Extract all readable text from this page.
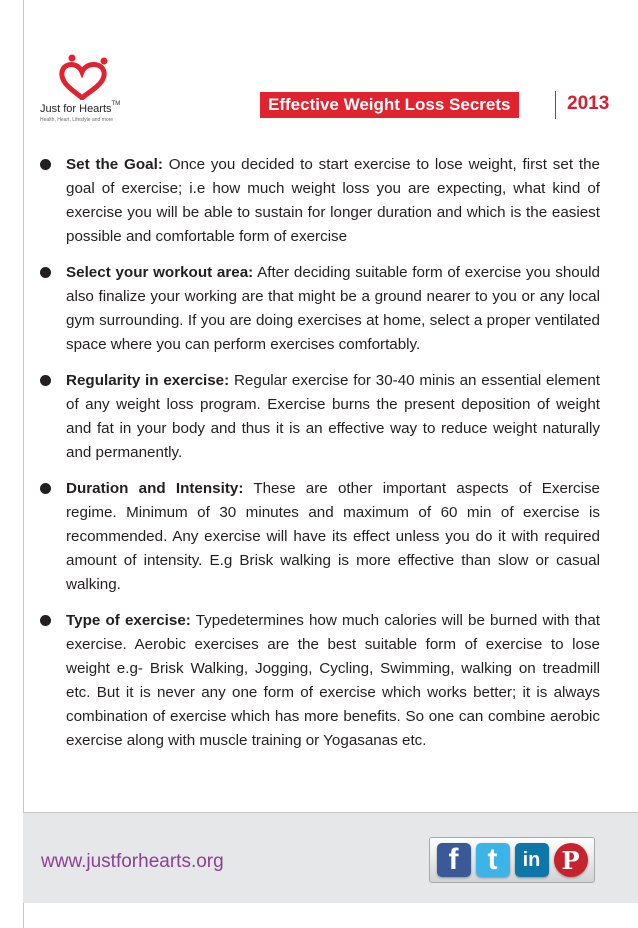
Just for Hearts™
Health, Heart, Lifestyle and more
Effective Weight Loss Secrets	2013
Set the Goal: Once you decided to start exercise to lose weight, first set the goal of exercise; i.e how much weight loss you are expecting, what kind of exercise you will be able to sustain for longer duration and which is the easiest possible and comfortable form of exercise
Select your workout area: After deciding suitable form of exercise you should also finalize your working are that might be a ground nearer to you or any local gym surrounding. If you are doing exercises at home, select a proper ventilated space where you can perform exercises comfortably.
Regularity in exercise: Regular exercise for 30-40 minis an essential element of any weight loss program. Exercise burns the present deposition of weight and fat in your body and thus it is an effective way to reduce weight naturally and permanently.
Duration and Intensity: These are other important aspects of Exercise regime. Minimum of 30 minutes and maximum of 60 min of exercise is recommended. Any exercise will have its effect unless you do it with required amount of intensity. E.g Brisk walking is more effective than slow or casual walking.
Type of exercise: Typedetermines how much calories will be burned with that exercise. Aerobic exercises are the best suitable form of exercise to lose weight e.g- Brisk Walking, Jogging, Cycling, Swimming, walking on treadmill etc. But it is never any one form of exercise which works better; it is always combination of exercise which has more benefits. So one can combine aerobic exercise along with muscle training or Yogasanas etc.
www.justforhearts.org	f t	in P
